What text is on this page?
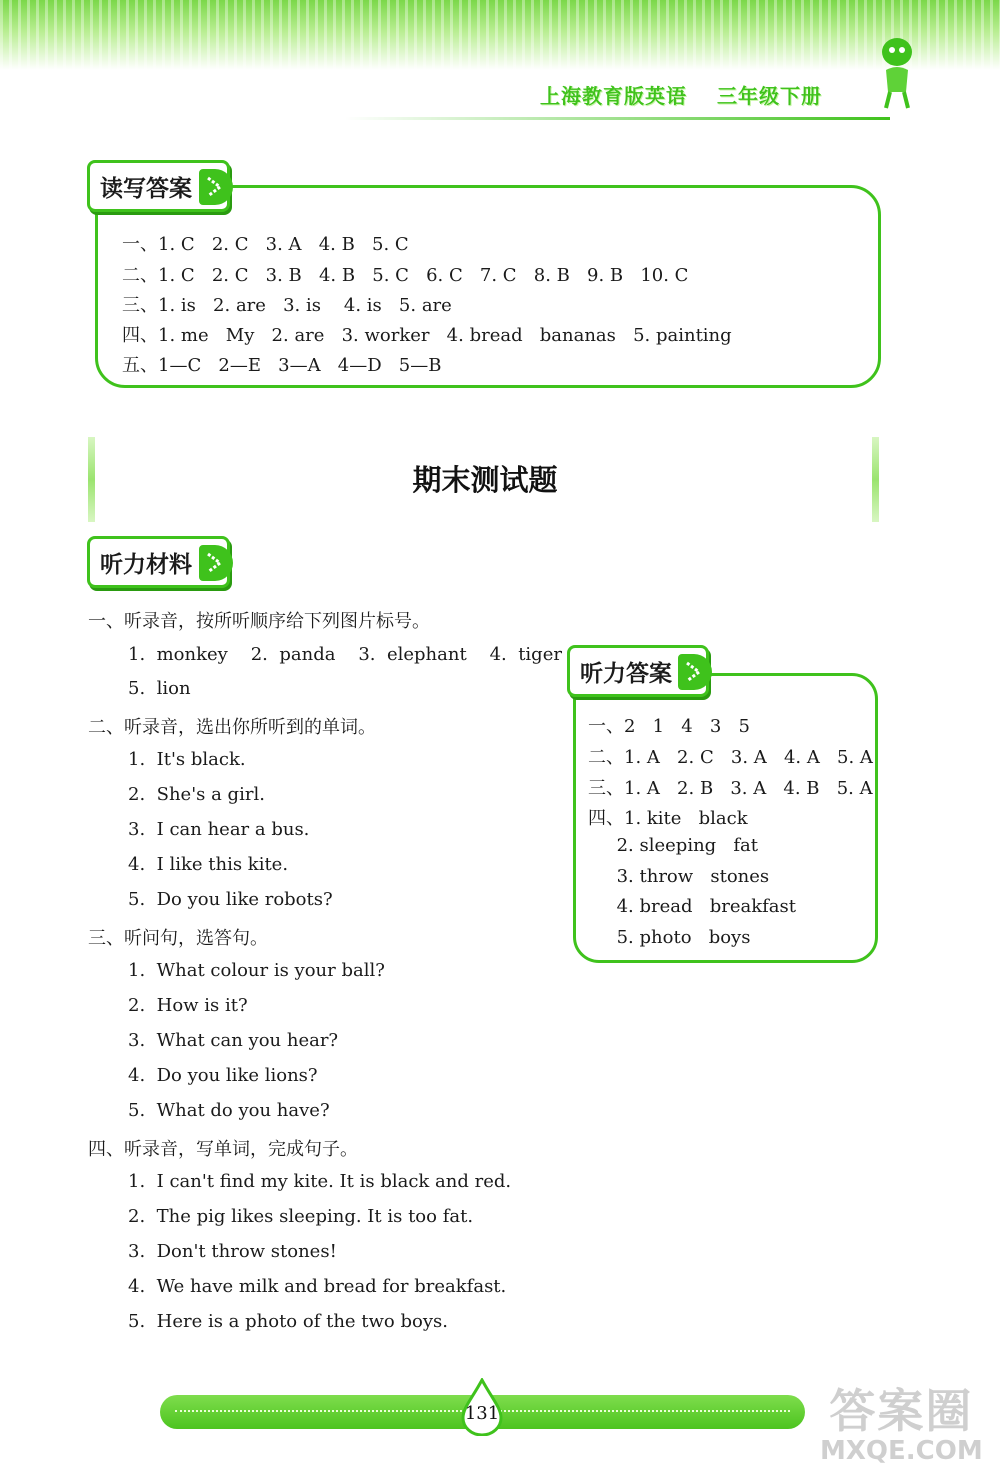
上海教育版英语 三年级下册
读写答案
一、1. C   2. C   3. A   4. B   5. C
二、1. C   2. C   3. B   4. B   5. C   6. C   7. C   8. B   9. B   10. C
三、1. is   2. are   3. is    4. is   5. are
四、1. me   My   2. are   3. worker   4. bread   bananas   5. painting
五、1—C   2—E   3—A   4—D   5—B
期末测试题
听力材料
一、听录音，按所听顺序给下列图片标号。
1.  monkey    2.  panda    3.  elephant    4.  tiger
5.  lion
二、听录音，选出你所听到的单词。
1.  It's black.
2.  She's a girl.
3.  I can hear a bus.
4.  I like this kite.
5.  Do you like robots?
三、听问句，选答句。
1.  What colour is your ball?
2.  How is it?
3.  What can you hear?
4.  Do you like lions?
5.  What do you have?
四、听录音，写单词，完成句子。
1.  I can't find my kite. It is black and red.
2.  The pig likes sleeping. It is too fat.
3.  Don't throw stones!
4.  We have milk and bread for breakfast.
5.  Here is a photo of the two boys.
听力答案
一、2   1   4   3   5
二、1. A   2. C   3. A   4. A   5. A
三、1. A   2. B   3. A   4. B   5. A
四、1. kite   black
2. sleeping   fat
3. throw   stones
4. bread   breakfast
5. photo   boys
131	答案圈
MXQE.COM
